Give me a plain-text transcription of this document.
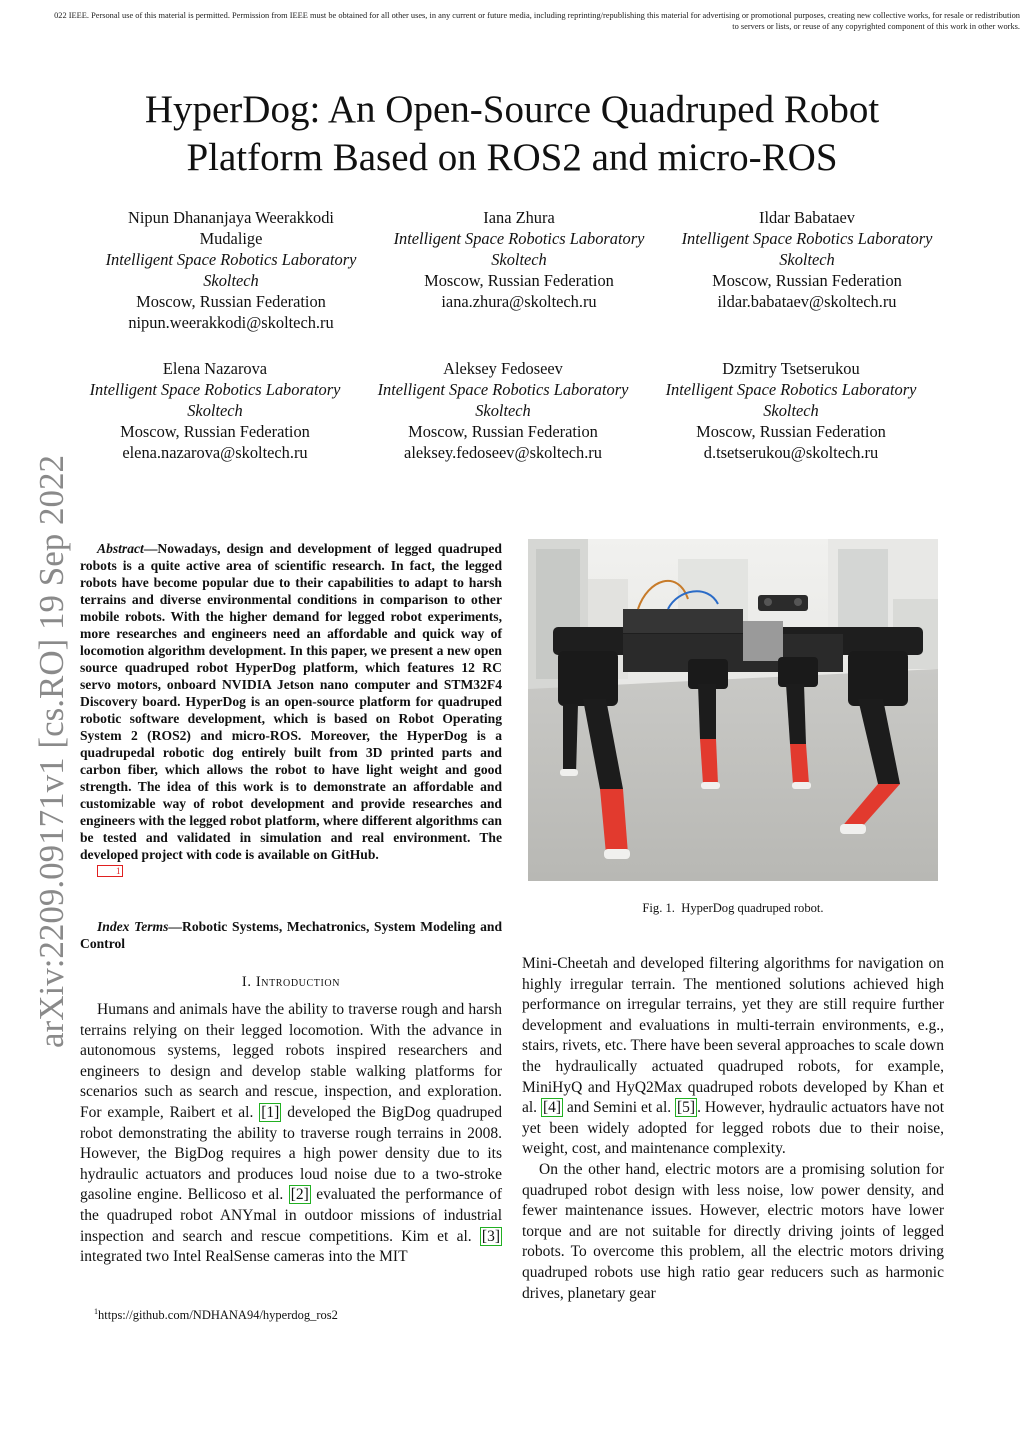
022 IEEE. Personal use of this material is permitted. Permission from IEEE must be obtained for all other uses, in any current or future media, including reprinting/republishing this material for advertising or promotional purposes, creating new collective works, for resale or redistribution
to servers or lists, or reuse of any copyrighted component of this work in other works.
HyperDog: An Open-Source Quadruped Robot
Platform Based on ROS2 and micro-ROS
Nipun Dhananjaya Weerakkodi
Mudalige
Intelligent Space Robotics Laboratory
Skoltech
Moscow, Russian Federation
nipun.weerakkodi@skoltech.ru
Iana Zhura
Intelligent Space Robotics Laboratory
Skoltech
Moscow, Russian Federation
iana.zhura@skoltech.ru
Ildar Babataev
Intelligent Space Robotics Laboratory
Skoltech
Moscow, Russian Federation
ildar.babataev@skoltech.ru
Elena Nazarova
Intelligent Space Robotics Laboratory
Skoltech
Moscow, Russian Federation
elena.nazarova@skoltech.ru
Aleksey Fedoseev
Intelligent Space Robotics Laboratory
Skoltech
Moscow, Russian Federation
aleksey.fedoseev@skoltech.ru
Dzmitry Tsetserukou
Intelligent Space Robotics Laboratory
Skoltech
Moscow, Russian Federation
d.tsetserukou@skoltech.ru
arXiv:2209.09171v1 [cs.RO] 19 Sep 2022	Abstract—Nowadays, design and development of legged quadruped robots is a quite active area of scientific research. In fact, the legged robots have become popular due to their capabilities to adapt to harsh terrains and diverse environmental conditions in comparison to other mobile robots. With the higher demand for legged robot experiments, more researches and engineers need an affordable and quick way of locomotion algorithm development. In this paper, we present a new open source quadruped robot HyperDog platform, which features 12 RC servo motors, onboard NVIDIA Jetson nano computer and STM32F4 Discovery board. HyperDog is an open-source platform for quadruped robotic software development, which is based on Robot Operating System 2 (ROS2) and micro-ROS. Moreover, the HyperDog is a quadrupedal robotic dog entirely built from 3D printed parts and carbon fiber, which allows the robot to have light weight and good strength. The idea of this work is to demonstrate an affordable and customizable way of robot development and provide researches and engineers with the legged robot platform, where different algorithms can be tested and validated in simulation and real environment. The developed project with code is available on GitHub.
1

Index Terms—Robotic Systems, Mechatronics, System Modeling and Control

I. Introduction

Humans and animals have the ability to traverse rough and harsh terrains relying on their legged locomotion. With the advance in autonomous systems, legged robots inspired researchers and engineers to design and develop stable walking platforms for scenarios such as search and rescue, inspection, and exploration. For example, Raibert et al. [1] developed the BigDog quadruped robot demonstrating the ability to traverse rough terrains in 2008. However, the BigDog requires a high power density due to its hydraulic actuators and produces loud noise due to a two-stroke gasoline engine. Bellicoso et al. [2] evaluated the performance of the quadruped robot ANYmal in outdoor missions of industrial inspection and search and rescue competitions. Kim et al. [3] integrated two Intel RealSense cameras into the MIT

$^1$https://github.com/NDHANA94/hyperdog_ros2
Fig. 1. HyperDog quadruped robot.

Mini-Cheetah and developed filtering algorithms for navigation on highly irregular terrain. The mentioned solutions achieved high performance on irregular terrains, yet they are still require further development and evaluations in multi-terrain environments, e.g., stairs, rivets, etc. There have been several approaches to scale down the hydraulically actuated quadruped robots, for example, MiniHyQ and HyQ2Max quadruped robots developed by Khan et al. [4] and Semini et al. [5] . However, hydraulic actuators have not yet been widely adopted for legged robots due to their noise, weight, cost, and maintenance complexity.

On the other hand, electric motors are a promising solution for quadruped robot design with less noise, low power density, and fewer maintenance issues. However, electric motors have lower torque and are not suitable for directly driving joints of legged robots. To overcome this problem, all the electric motors driving quadruped robots use high ratio gear reducers such as harmonic drives, planetary gear
